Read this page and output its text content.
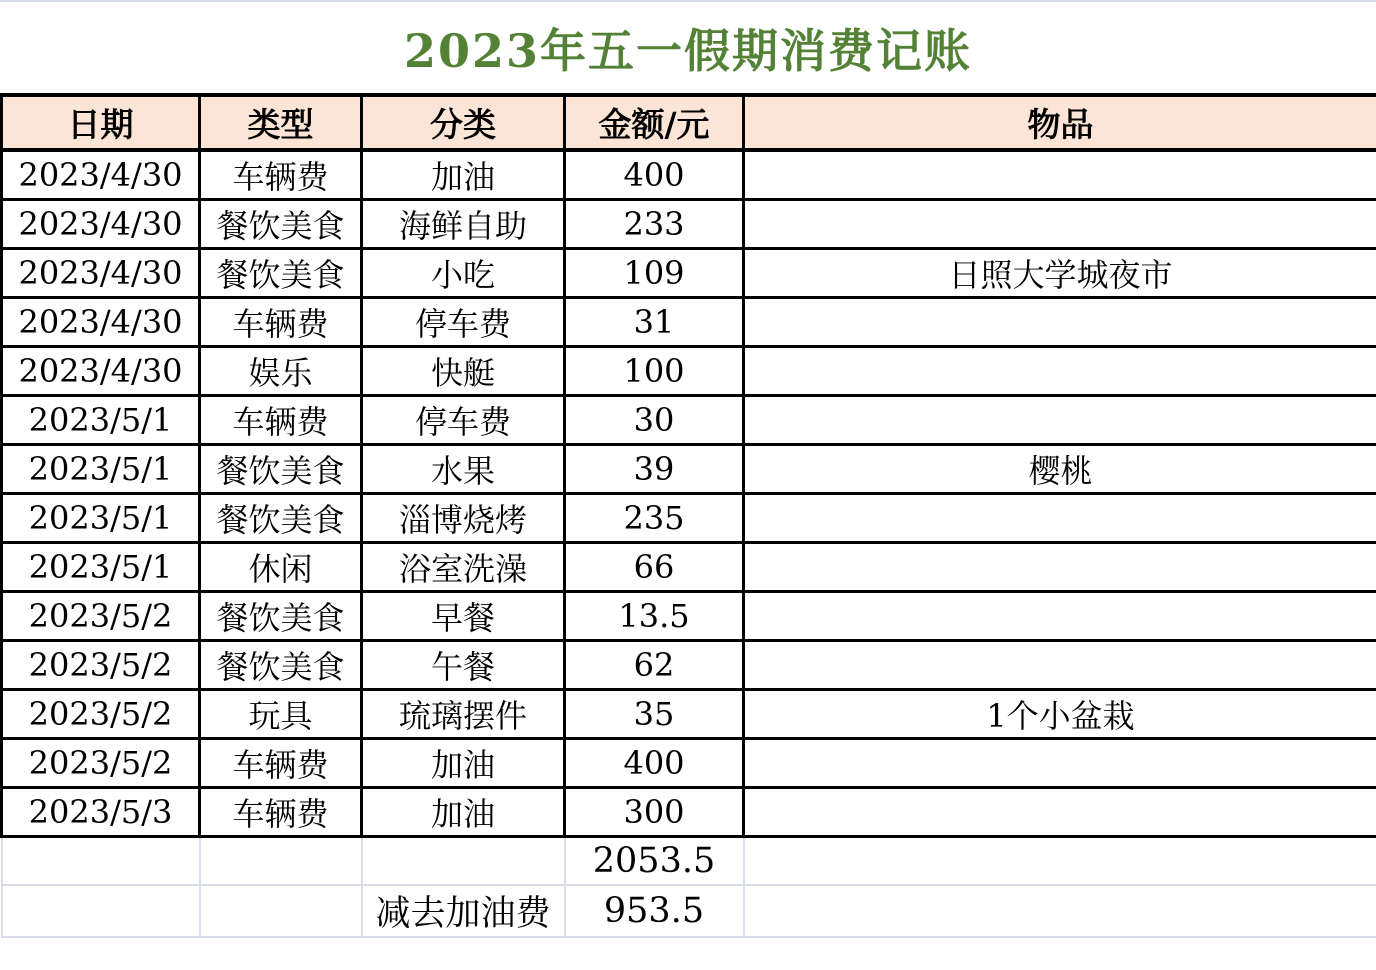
2023年五一假期消费记账
日期	类型	分类	金额/元	物品
2023/4/30	车辆费	加油	400	
2023/4/30	餐饮美食	海鲜自助	233	
2023/4/30	餐饮美食	小吃	109	日照大学城夜市
2023/4/30	车辆费	停车费	31	
2023/4/30	娱乐	快艇	100	
2023/5/1	车辆费	停车费	30	
2023/5/1	餐饮美食	水果	39	樱桃
2023/5/1	餐饮美食	淄博烧烤	235	
2023/5/1	休闲	浴室洗澡	66	
2023/5/2	餐饮美食	早餐	13.5	
2023/5/2	餐饮美食	午餐	62	
2023/5/2	玩具	琉璃摆件	35	1个小盆栽
2023/5/2	车辆费	加油	400	
2023/5/3	车辆费	加油	300	
			2053.5	
		减去加油费	953.5	
